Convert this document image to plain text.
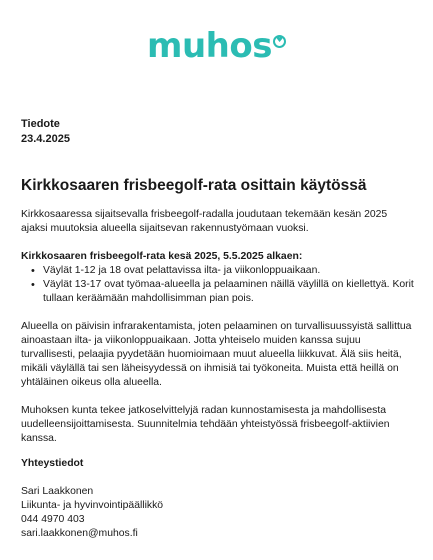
muhos♥
Tiedote
23.4.2025
Kirkkosaaren frisbeegolf-rata osittain käytössä

Kirkkosaaressa sijaitsevalla frisbeegolf-radalla joudutaan tekemään kesän 2025 ajaksi muutoksia alueella sijaitsevan rakennustyömaan vuoksi.

Kirkkosaaren frisbeegolf-rata kesä 2025, 5.5.2025 alkaen:

• Väylät 1-12 ja 18 ovat pelattavissa ilta- ja viikonloppuaikaan.
• Väylät 13-17 ovat työmaa-alueella ja pelaaminen näillä väylillä on kiellettyä. Korit tullaan keräämään mahdollisimman pian pois.

Alueella on päivisin infrarakentamista, joten pelaaminen on turvallisuussyistä sallittua ainoastaan ilta- ja viikonloppuaikaan. Jotta yhteiselo muiden kanssa sujuu turvallisesti, pelaajia pyydetään huomioimaan muut alueella liikkuvat. Älä siis heitä, mikäli väylällä tai sen läheisyydessä on ihmisiä tai työkoneita. Muista että heillä on yhtäläinen oikeus olla alueella.

Muhoksen kunta tekee jatkoselvittelyjä radan kunnostamisesta ja mahdollisesta uudelleensijoittamisesta. Suunnitelmia tehdään yhteistyössä frisbeegolf-aktiivien kanssa.

Yhteystiedot
Sari Laakkonen
Liikunta- ja hyvinvointipäällikkö
044 4970 403
sari.laakkonen@muhos.fi
